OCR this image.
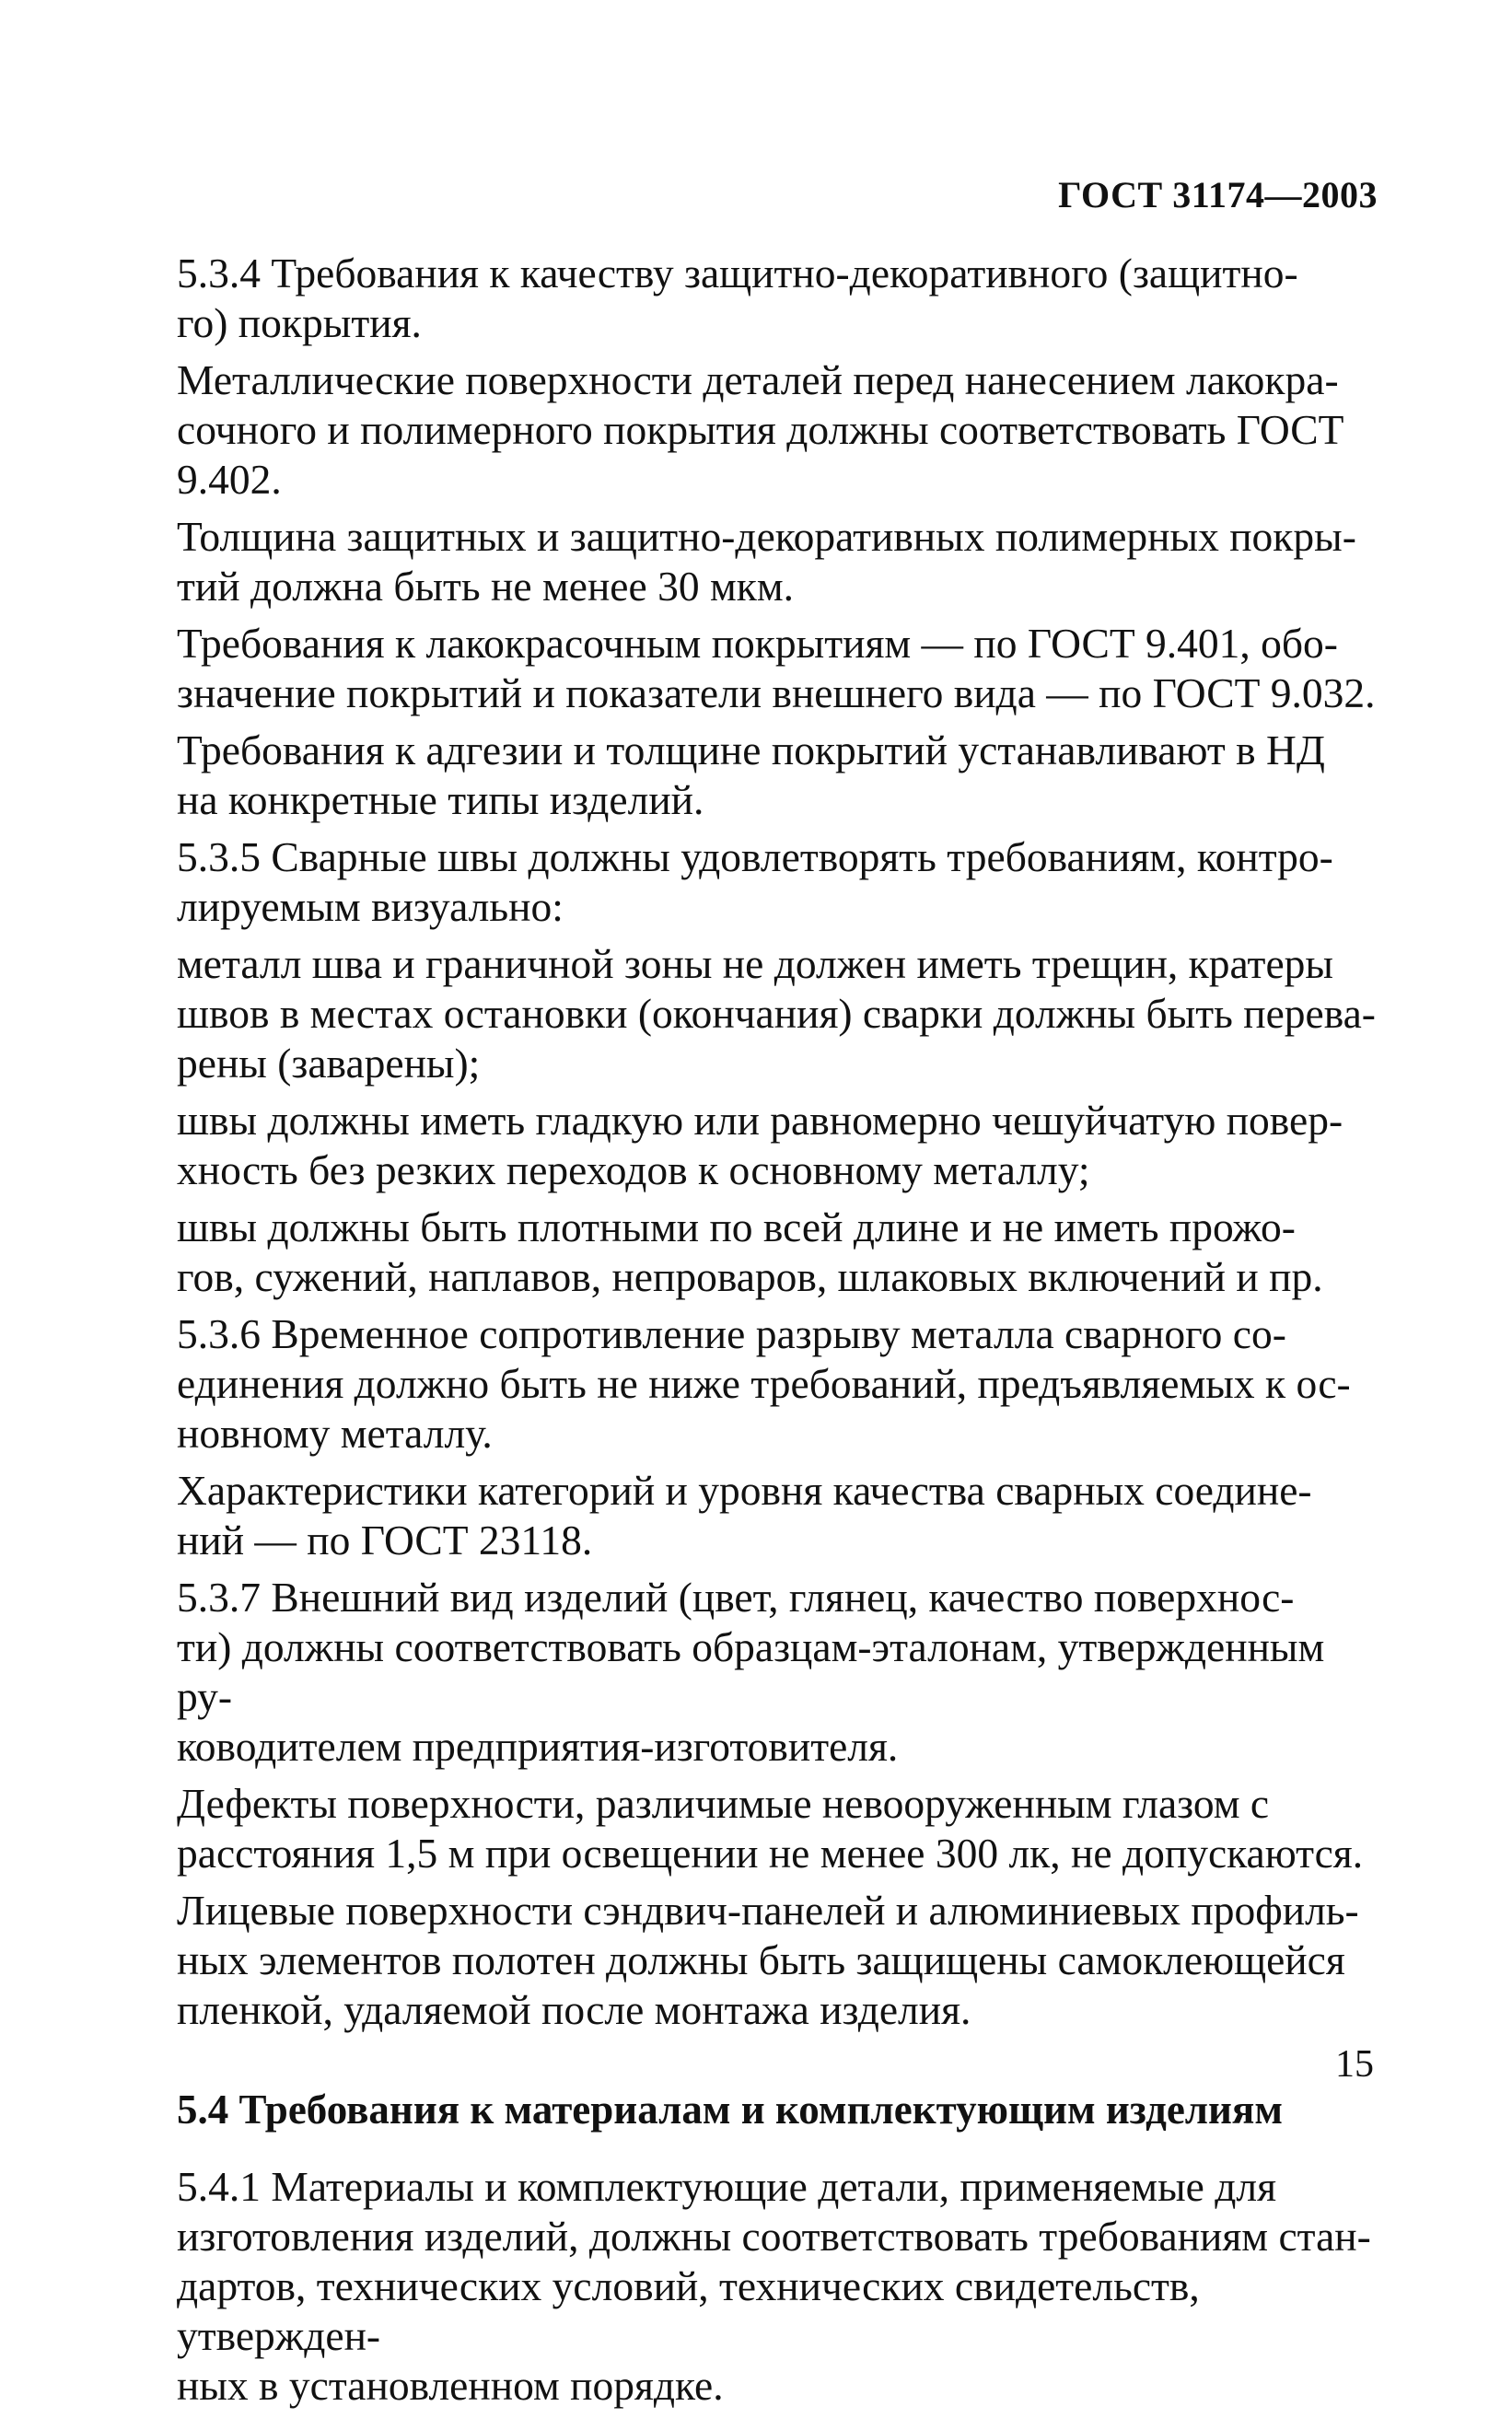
ГОСТ 31174—2003

5.3.4 Требования к качеству защитно-декоративного (защитно-
го) покрытия.

Металлические поверхности деталей перед нанесением лакокра-
сочного и полимерного покрытия должны соответствовать ГОСТ 9.402.

Толщина защитных и защитно-декоративных полимерных покры-
тий должна быть не менее 30 мкм.

Требования к лакокрасочным покрытиям — по ГОСТ 9.401, обо-
значение покрытий и показатели внешнего вида — по ГОСТ 9.032.

Требования к адгезии и толщине покрытий устанавливают в НД
на конкретные типы изделий.

5.3.5 Сварные швы должны удовлетворять требованиям, контро-
лируемым визуально:

металл шва и граничной зоны не должен иметь трещин, кратеры
швов в местах остановки (окончания) сварки должны быть перева-
рены (заварены);

швы должны иметь гладкую или равномерно чешуйчатую повер-
хность без резких переходов к основному металлу;

швы должны быть плотными по всей длине и не иметь прожо-
гов, сужений, наплавов, непроваров, шлаковых включений и пр.

5.3.6 Временное сопротивление разрыву металла сварного со-
единения должно быть не ниже требований, предъявляемых к ос-
новному металлу.

Характеристики категорий и уровня качества сварных соедине-
ний — по ГОСТ 23118.

5.3.7 Внешний вид изделий (цвет, глянец, качество поверхнос-
ти) должны соответствовать образцам-эталонам, утвержденным ру-
ководителем предприятия-изготовителя.

Дефекты поверхности, различимые невооруженным глазом с
расстояния 1,5 м при освещении не менее 300 лк, не допускаются.

Лицевые поверхности сэндвич-панелей и алюминиевых профиль-
ных элементов полотен должны быть защищены самоклеющейся
пленкой, удаляемой после монтажа изделия.

5.4 Требования к материалам и комплектующим изделиям

5.4.1 Материалы и комплектующие детали, применяемые для
изготовления изделий, должны соответствовать требованиям стан-
дартов, технических условий, технических свидетельств, утвержден-
ных в установленном порядке.

15
